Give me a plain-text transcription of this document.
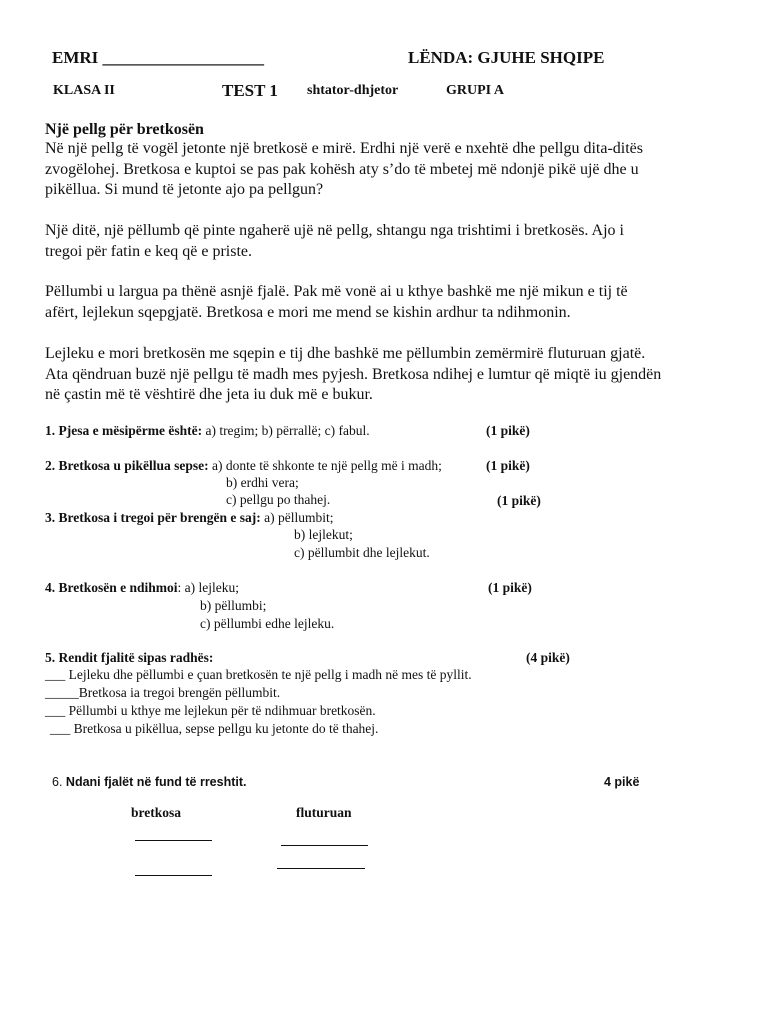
EMRI ___________________	LËNDA: GJUHE SHQIPE
KLASA II	TEST 1 shtator-dhjetor	GRUPI A
Një pellg për bretkosën
Në një pellg të vogël jetonte një bretkosë e mirë. Erdhi një verë e nxehtë dhe pellgu dita-ditës
zvogëlohej. Bretkosa e kuptoi se pas pak kohësh aty s’do të mbetej më ndonjë pikë ujë dhe u
pikëllua. Si mund të jetonte ajo pa pellgun?
Një ditë, një pëllumb që pinte ngaherë ujë në pellg, shtangu nga trishtimi i bretkosës. Ajo i
tregoi për fatin e keq që e priste.
Pëllumbi u largua pa thënë asnjë fjalë. Pak më vonë ai u kthye bashkë me një mikun e tij të
afërt, lejlekun sqepgjatë. Bretkosa e mori me mend se kishin ardhur ta ndihmonin.
Lejleku e mori bretkosën me sqepin e tij dhe bashkë me pëllumbin zemërmirë fluturuan gjatë.
Ata qëndruan buzë një pellgu të madh mes pyjesh. Bretkosa ndihej e lumtur që miqtë iu gjendën
në çastin më të vështirë dhe jeta iu duk më e bukur.
1. Pjesa e mësipërme është: a) tregim; b) përrallë; c) fabul.	(1 pikë)
2. Bretkosa u pikëllua sepse: a) donte të shkonte te një pellg më i madh;	(1 pikë)
b) erdhi vera;
c) pellgu po thahej.	(1 pikë)
3. Bretkosa i tregoi për brengën e saj: a) pëllumbit;
b) lejlekut;
c) pëllumbit dhe lejlekut.
4. Bretkosën e ndihmoi: a) lejleku;	(1 pikë)
b) pëllumbi;
c) pëllumbi edhe lejleku.
5. Rendit fjalitë sipas radhës:	(4 pikë)
___ Lejleku dhe pëllumbi e çuan bretkosën te një pellg i madh në mes të pyllit.
_____Bretkosa ia tregoi brengën pëllumbit.
___ Pëllumbi u kthye me lejlekun për të ndihmuar bretkosën.
___ Bretkosa u pikëllua, sepse pellgu ku jetonte do të thahej.
6. Ndani fjalët në fund të rreshtit.	4 pikë
bretkosa	fluturuan
